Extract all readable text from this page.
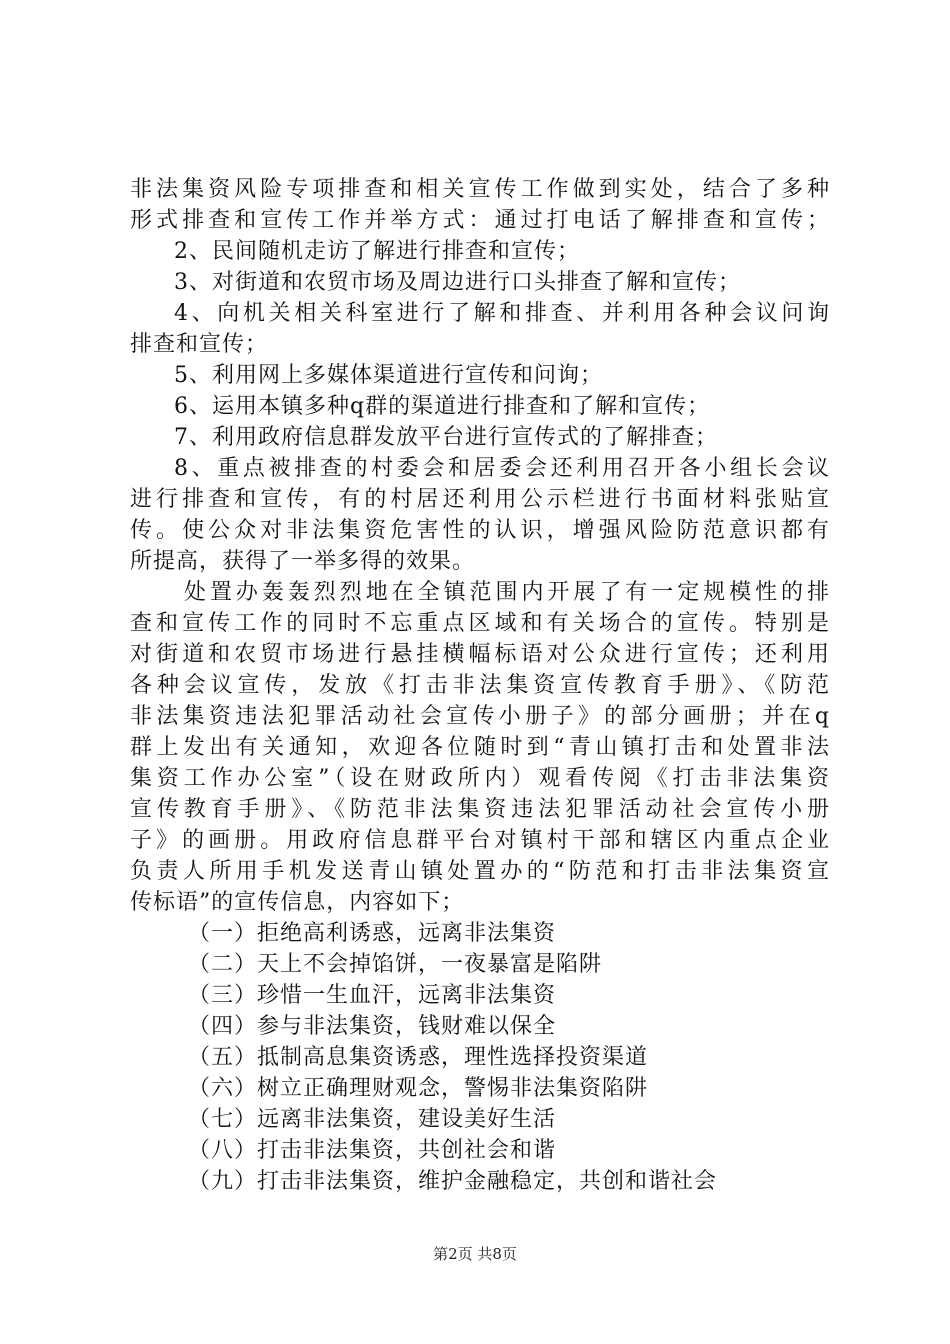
非法集资风险专项排查和相关宣传工作做到实处，结合了多种
形式排查和宣传工作并举方式：通过打电话了解排查和宣传；
2、民间随机走访了解进行排查和宣传；
3、对街道和农贸市场及周边进行口头排查了解和宣传；
4、向机关相关科室进行了解和排查、并利用各种会议问询
排查和宣传；
5、利用网上多媒体渠道进行宣传和问询；
6、运用本镇多种q群的渠道进行排查和了解和宣传；
7、利用政府信息群发放平台进行宣传式的了解排查；
8、重点被排查的村委会和居委会还利用召开各小组长会议
进行排查和宣传，有的村居还利用公示栏进行书面材料张贴宣
传。使公众对非法集资危害性的认识，增强风险防范意识都有
所提高，获得了一举多得的效果。
处置办轰轰烈烈地在全镇范围内开展了有一定规模性的排
查和宣传工作的同时不忘重点区域和有关场合的宣传。特别是
对街道和农贸市场进行悬挂横幅标语对公众进行宣传；还利用
各种会议宣传，发放《打击非法集资宣传教育手册》、《防范
非法集资违法犯罪活动社会宣传小册子》的部分画册；并在q
群上发出有关通知，欢迎各位随时到“青山镇打击和处置非法
集资工作办公室”（设在财政所内）观看传阅《打击非法集资
宣传教育手册》、《防范非法集资违法犯罪活动社会宣传小册
子》的画册。用政府信息群平台对镇村干部和辖区内重点企业
负责人所用手机发送青山镇处置办的“防范和打击非法集资宣
传标语”的宣传信息，内容如下；
（一）拒绝高利诱惑，远离非法集资
（二）天上不会掉馅饼，一夜暴富是陷阱
（三）珍惜一生血汗，远离非法集资
（四）参与非法集资，钱财难以保全
（五）抵制高息集资诱惑，理性选择投资渠道
（六）树立正确理财观念，警惕非法集资陷阱
（七）远离非法集资，建设美好生活
（八）打击非法集资，共创社会和谐
（九）打击非法集资，维护金融稳定，共创和谐社会
第2页 共8页
